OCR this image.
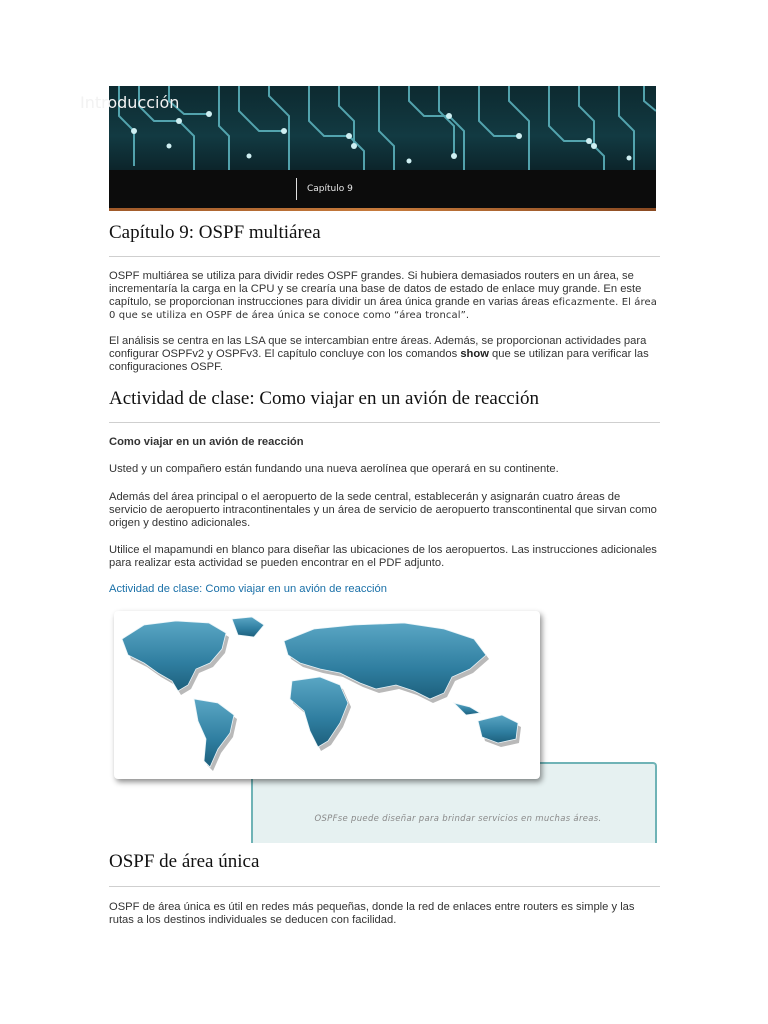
Introducción
Capítulo 9
Capítulo 9: OSPF multiárea

OSPF multiárea se utiliza para dividir redes OSPF grandes. Si hubiera demasiados routers en un área, se incrementaría la carga en la CPU y se crearía una base de datos de estado de enlace muy grande. En este capítulo, se proporcionan instrucciones para dividir un área única grande en varias áreas eficazmente. El área 0 que se utiliza en OSPF de área única se conoce como “área troncal”.

El análisis se centra en las LSA que se intercambian entre áreas. Además, se proporcionan actividades para configurar OSPFv2 y OSPFv3. El capítulo concluye con los comandos show que se utilizan para verificar las configuraciones OSPF.

Actividad de clase: Como viajar en un avión de reacción

Como viajar en un avión de reacción

Usted y un compañero están fundando una nueva aerolínea que operará en su continente.

Además del área principal o el aeropuerto de la sede central, establecerán y asignarán cuatro áreas de servicio de aeropuerto intracontinentales y un área de servicio de aeropuerto transcontinental que sirvan como origen y destino adicionales.

Utilice el mapamundi en blanco para diseñar las ubicaciones de los aeropuertos. Las instrucciones adicionales para realizar esta actividad se pueden encontrar en el PDF adjunto.

Actividad de clase: Como viajar en un avión de reacción
OSPFse puede diseñar para brindar servicios en muchas áreas.
OSPF de área única

OSPF de área única es útil en redes más pequeñas, donde la red de enlaces entre routers es simple y las rutas a los destinos individuales se deducen con facilidad.
